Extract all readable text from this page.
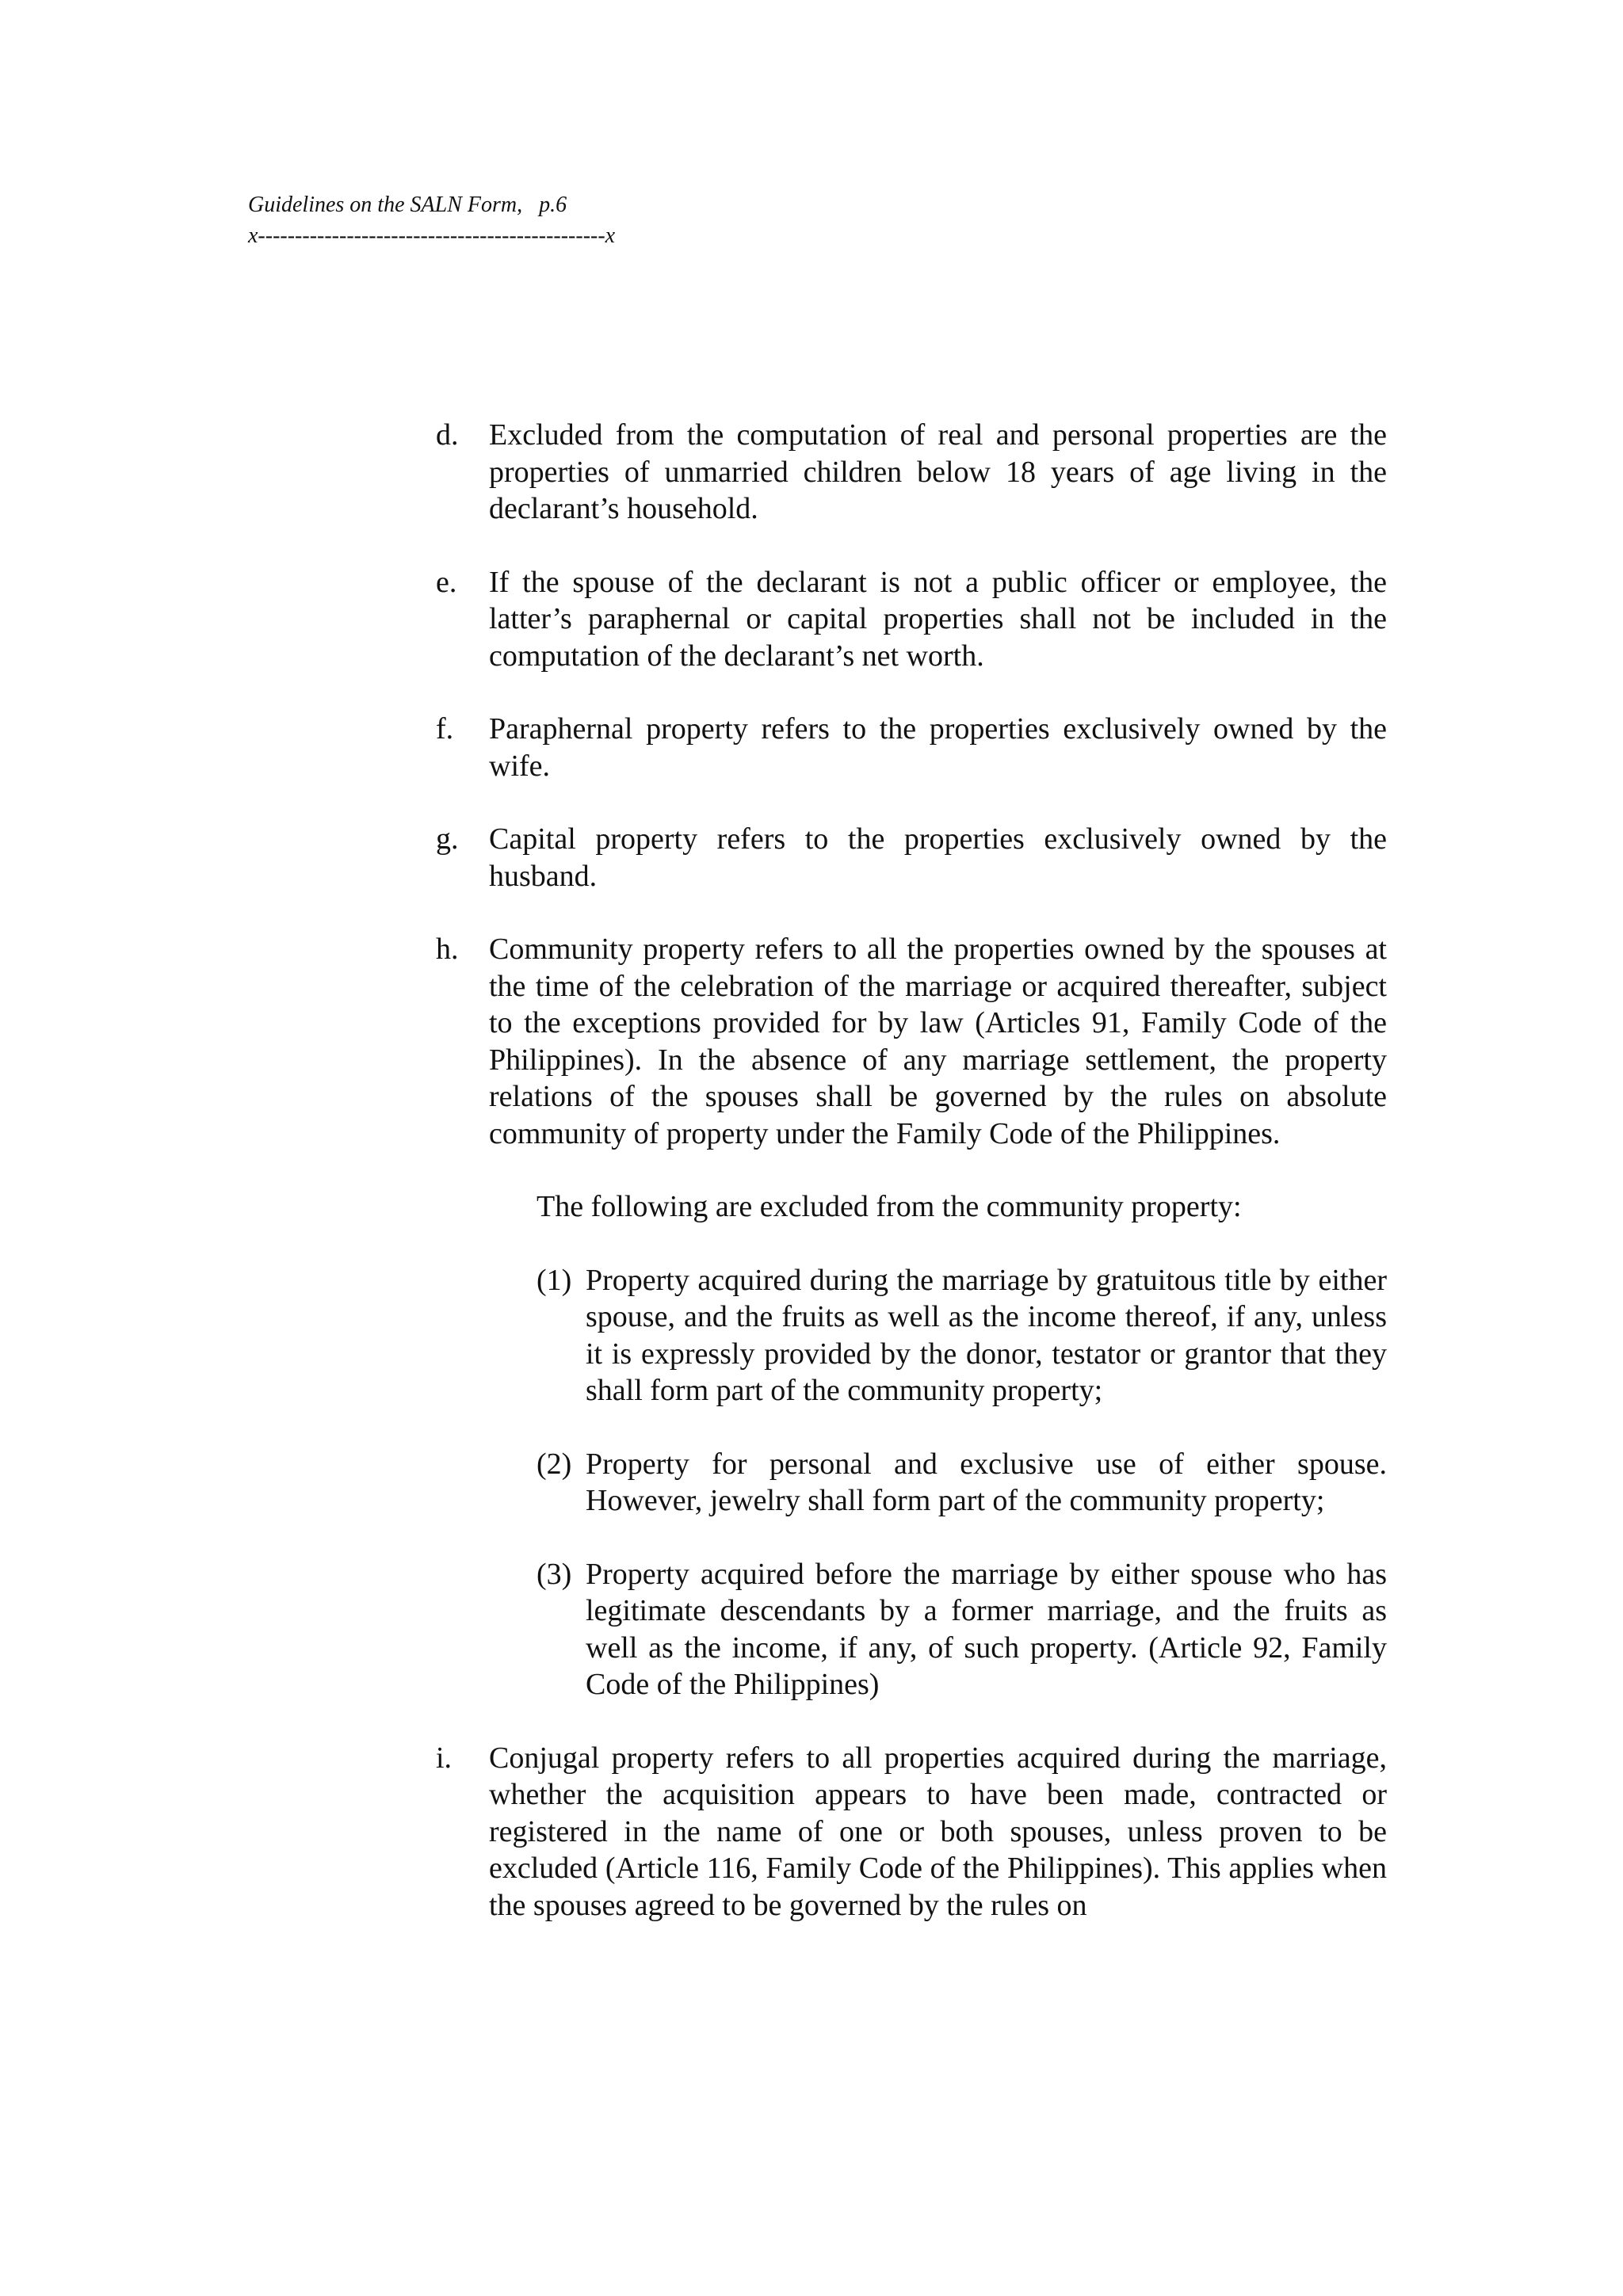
Guidelines on the SALN Form,   p.6
x-----------------------------------------------x
d.	Excluded from the computation of real and personal properties are the properties of unmarried children below 18 years of age living in the declarant’s household.
e.	If the spouse of the declarant is not a public officer or employee, the latter’s paraphernal or capital properties shall not be included in the computation of the declarant’s net worth.
f.	Paraphernal property refers to the properties exclusively owned by the wife.
g.	Capital property refers to the properties exclusively owned by the husband.
h.	Community property refers to all the properties owned by the spouses at the time of the celebration of the marriage or acquired thereafter, subject to the exceptions provided for by law (Articles 91, Family Code of the Philippines). In the absence of any marriage settlement, the property relations of the spouses shall be governed by the rules on absolute community of property under the Family Code of the Philippines.
The following are excluded from the community property:
(1) Property acquired during the marriage by gratuitous title by either spouse, and the fruits as well as the income thereof, if any, unless it is expressly provided by the donor, testator or grantor that they shall form part of the community property;
(2) Property for personal and exclusive use of either spouse. However, jewelry shall form part of the community property;
(3) Property acquired before the marriage by either spouse who has legitimate descendants by a former marriage, and the fruits as well as the income, if any, of such property. (Article 92, Family Code of the Philippines)
i.	Conjugal property refers to all properties acquired during the marriage, whether the acquisition appears to have been made, contracted or registered in the name of one or both spouses, unless proven to be excluded (Article 116, Family Code of the Philippines). This applies when the spouses agreed to be governed by the rules on
